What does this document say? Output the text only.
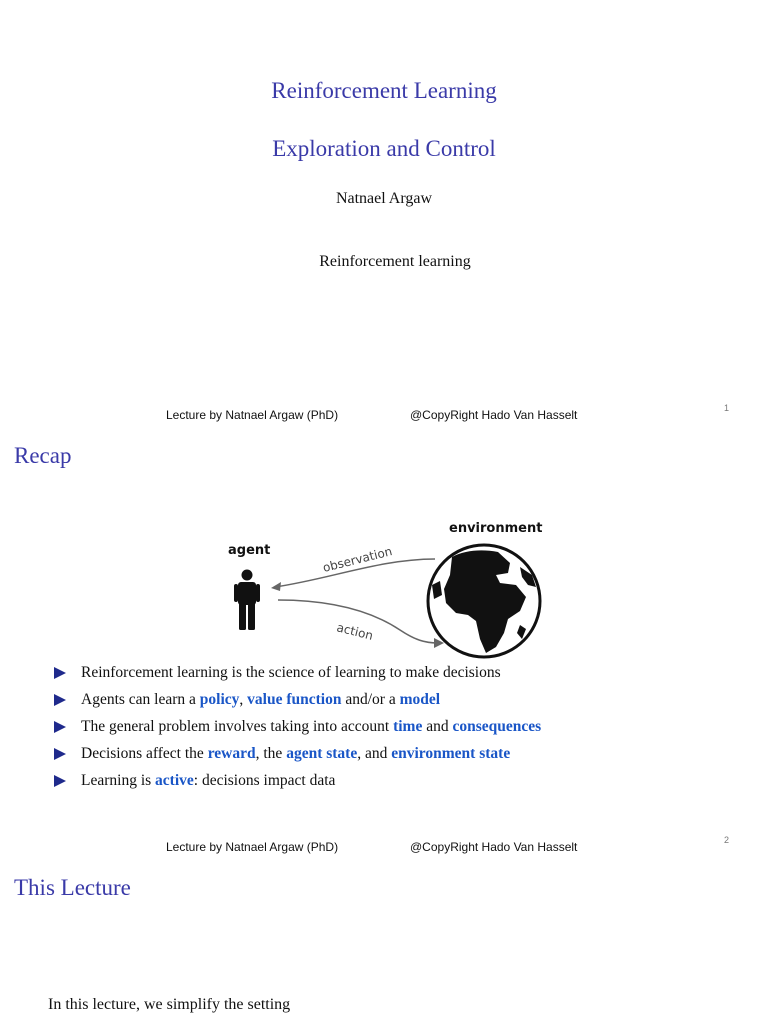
Reinforcement Learning
Exploration and Control
Natnael Argaw
Reinforcement learning
Lecture by Natnael Argaw (PhD)	@CopyRight Hado Van Hasselt	1
Recap
agent
environment
observation
action
Reinforcement learning is the science of learning to make decisions
Agents can learn a policy, value function and/or a model
The general problem involves taking into account time and consequences
Decisions affect the reward, the agent state, and environment state
Learning is active: decisions impact data
Lecture by Natnael Argaw (PhD)	@CopyRight Hado Van Hasselt	2
This Lecture
In this lecture, we simplify the setting
